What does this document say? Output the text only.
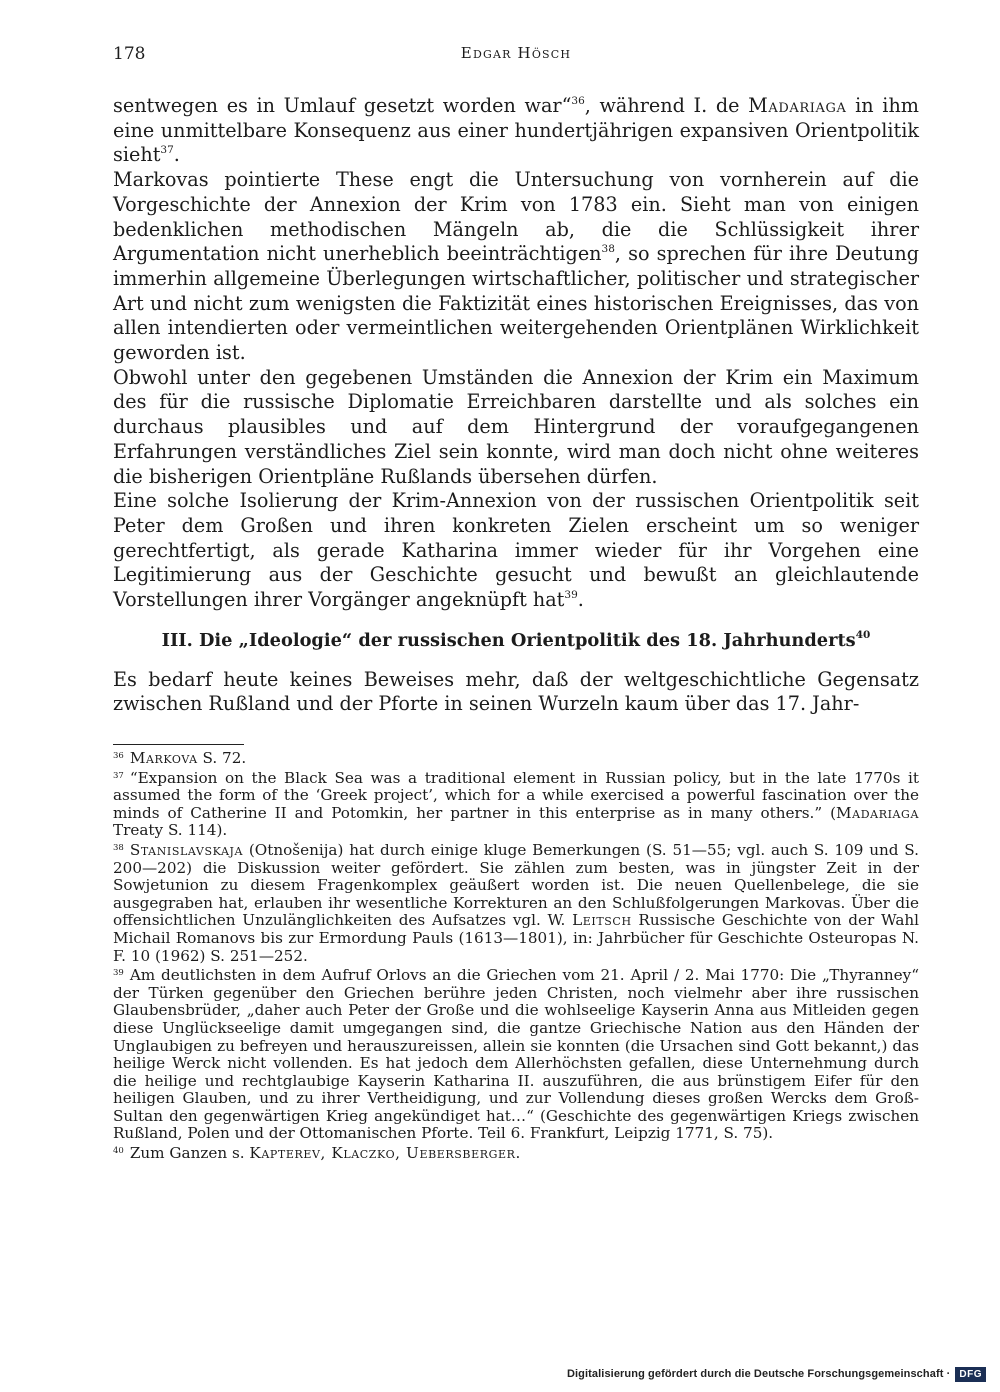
178	Edgar Hösch

sentwegen es in Umlauf gesetzt worden war“$^{36}$, während I. de Madariaga in ihm eine unmittelbare Konsequenz aus einer hundertjährigen expansiven Orientpolitik sieht$^{37}$.

Markovas pointierte These engt die Untersuchung von vornherein auf die Vorgeschichte der Annexion der Krim von 1783 ein. Sieht man von einigen bedenklichen methodischen Mängeln ab, die die Schlüssigkeit ihrer Argumentation nicht unerheblich beeinträchtigen$^{38}$, so sprechen für ihre Deutung immerhin allgemeine Überlegungen wirtschaftlicher, politischer und strategischer Art und nicht zum wenigsten die Faktizität eines historischen Ereignisses, das von allen intendierten oder vermeintlichen weitergehenden Orientplänen Wirklichkeit geworden ist.

Obwohl unter den gegebenen Umständen die Annexion der Krim ein Maximum des für die russische Diplomatie Erreichbaren darstellte und als solches ein durchaus plausibles und auf dem Hintergrund der voraufgegangenen Erfahrungen verständliches Ziel sein konnte, wird man doch nicht ohne weiteres die bisherigen Orientpläne Rußlands übersehen dürfen.

Eine solche Isolierung der Krim-Annexion von der russischen Orientpolitik seit Peter dem Großen und ihren konkreten Zielen erscheint um so weniger gerechtfertigt, als gerade Katharina immer wieder für ihr Vorgehen eine Legitimierung aus der Geschichte gesucht und bewußt an gleichlautende Vorstellungen ihrer Vorgänger angeknüpft hat$^{39}$.

III. Die „Ideologie“ der russischen Orientpolitik des 18. Jahrhunderts$^{40}$

Es bedarf heute keines Beweises mehr, daß der weltgeschichtliche Gegensatz zwischen Rußland und der Pforte in seinen Wurzeln kaum über das 17. Jahr-

$^{36}$ Markova S. 72.

$^{37}$ “Expansion on the Black Sea was a traditional element in Russian policy, but in the late 1770s it assumed the form of the ‘Greek project’, which for a while exercised a powerful fascination over the minds of Catherine II and Potomkin, her partner in this enterprise as in many others.” (Madariaga Treaty S. 114).

$^{38}$ Stanislavskaja (Otnošenija) hat durch einige kluge Bemerkungen (S. 51—55; vgl. auch S. 109 und S. 200—202) die Diskussion weiter gefördert. Sie zählen zum besten, was in jüngster Zeit in der Sowjetunion zu diesem Fragenkomplex geäußert worden ist. Die neuen Quellenbelege, die sie ausgegraben hat, erlauben ihr wesentliche Korrekturen an den Schlußfolgerungen Markovas. Über die offensichtlichen Unzulänglichkeiten des Aufsatzes vgl. W. Leitsch Russische Geschichte von der Wahl Michail Romanovs bis zur Ermordung Pauls (1613—1801), in: Jahrbücher für Geschichte Osteuropas N. F. 10 (1962) S. 251—252.

$^{39}$ Am deutlichsten in dem Aufruf Orlovs an die Griechen vom 21. April / 2. Mai 1770: Die „Thyranney“ der Türken gegenüber den Griechen berühre jeden Christen, noch vielmehr aber ihre russischen Glaubensbrüder, „daher auch Peter der Große und die wohlseelige Kayserin Anna aus Mitleiden gegen diese Unglückseelige damit umgegangen sind, die gantze Griechische Nation aus den Händen der Unglaubigen zu befreyen und herauszureissen, allein sie konnten (die Ursachen sind Gott bekannt,) das heilige Werck nicht vollenden. Es hat jedoch dem Allerhöchsten gefallen, diese Unternehmung durch die heilige und rechtglaubige Kayserin Katharina II. auszuführen, die aus brünstigem Eifer für den heiligen Glauben, und zu ihrer Vertheidigung, und zur Vollendung dieses großen Wercks dem Groß-Sultan den gegenwärtigen Krieg angekündiget hat…“ (Geschichte des gegenwärtigen Kriegs zwischen Rußland, Polen und der Ottomanischen Pforte. Teil 6. Frankfurt, Leipzig 1771, S. 75).

$^{40}$ Zum Ganzen s. Kapterev, Klaczko, Uebersberger.

Digitalisierung gefördert durch die Deutsche Forschungsgemeinschaft · DFG
